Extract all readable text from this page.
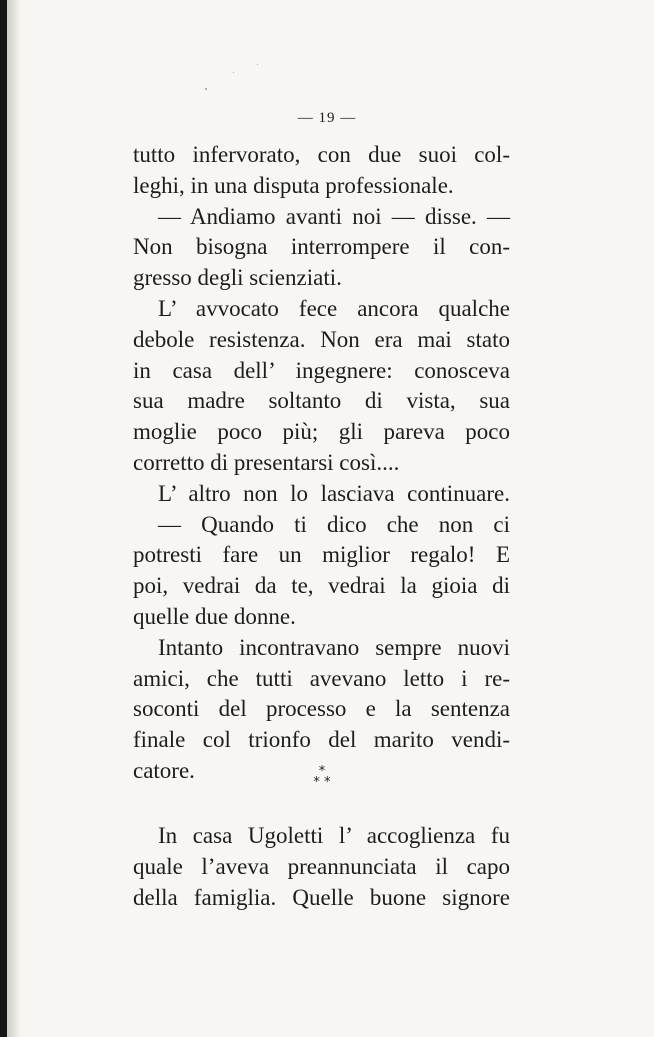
— 19 —
tutto infervorato, con due suoi col-
leghi, in una disputa professionale.
— Andiamo avanti noi — disse. —
Non bisogna interrompere il con-
gresso degli scienziati.
L’ avvocato fece ancora qualche
debole resistenza. Non era mai stato
in casa dell’ ingegnere: conosceva
sua madre soltanto di vista, sua
moglie poco più; gli pareva poco
corretto di presentarsi così....
L’ altro non lo lasciava continuare.
— Quando ti dico che non ci
potresti fare un miglior regalo! E
poi, vedrai da te, vedrai la gioia di
quelle due donne.
Intanto incontravano sempre nuovi
amici, che tutti avevano letto i re-
soconti del processo e la sentenza
finale col trionfo del marito vendi-
catore.	*
* *
In casa Ugoletti l’ accoglienza fu
quale l’aveva preannunciata il capo
della famiglia. Quelle buone signore
